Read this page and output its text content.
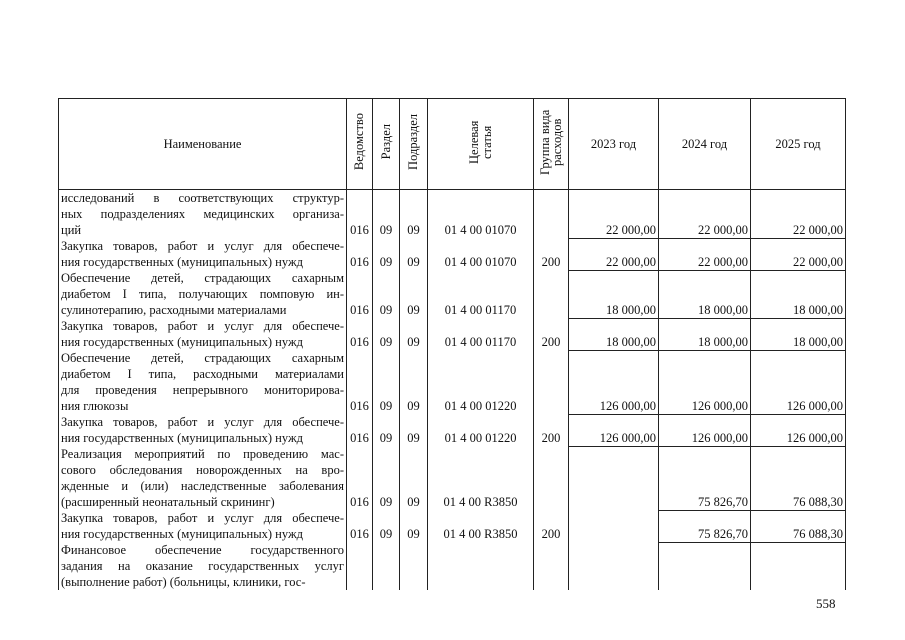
Наименование	Ведомство	Раздел	Подраздел	Целевая статья	Группа вида расходов	2023 год	2024 год	2025 год

исследований в соответствующих структур-
ных подразделениях медицинских организа-
ций	016	09	09	01 4 00 01070		22 000,00	22 000,00	22 000,00

Закупка товаров, работ и услуг для обеспече-
ния государственных (муниципальных) нужд	016	09	09	01 4 00 01070	200	22 000,00	22 000,00	22 000,00

Обеспечение детей, страдающих сахарным
диабетом I типа, получающих помповую ин-
сулинотерапию, расходными материалами	016	09	09	01 4 00 01170		18 000,00	18 000,00	18 000,00

Закупка товаров, работ и услуг для обеспече-
ния государственных (муниципальных) нужд	016	09	09	01 4 00 01170	200	18 000,00	18 000,00	18 000,00

Обеспечение детей, страдающих сахарным
диабетом I типа, расходными материалами
для проведения непрерывного мониторирова-
ния глюкозы	016	09	09	01 4 00 01220		126 000,00	126 000,00	126 000,00

Закупка товаров, работ и услуг для обеспече-
ния государственных (муниципальных) нужд	016	09	09	01 4 00 01220	200	126 000,00	126 000,00	126 000,00

Реализация мероприятий по проведению мас-
сового обследования новорожденных на вро-
жденные и (или) наследственные заболевания
(расширенный неонатальный скрининг)	016	09	09	01 4 00 R3850			75 826,70	76 088,30

Закупка товаров, работ и услуг для обеспече-
ния государственных (муниципальных) нужд	016	09	09	01 4 00 R3850	200		75 826,70	76 088,30

Финансовое обеспечение государственного
задания на оказание государственных услуг
(выполнение работ) (больницы, клиники, гос-								

558
